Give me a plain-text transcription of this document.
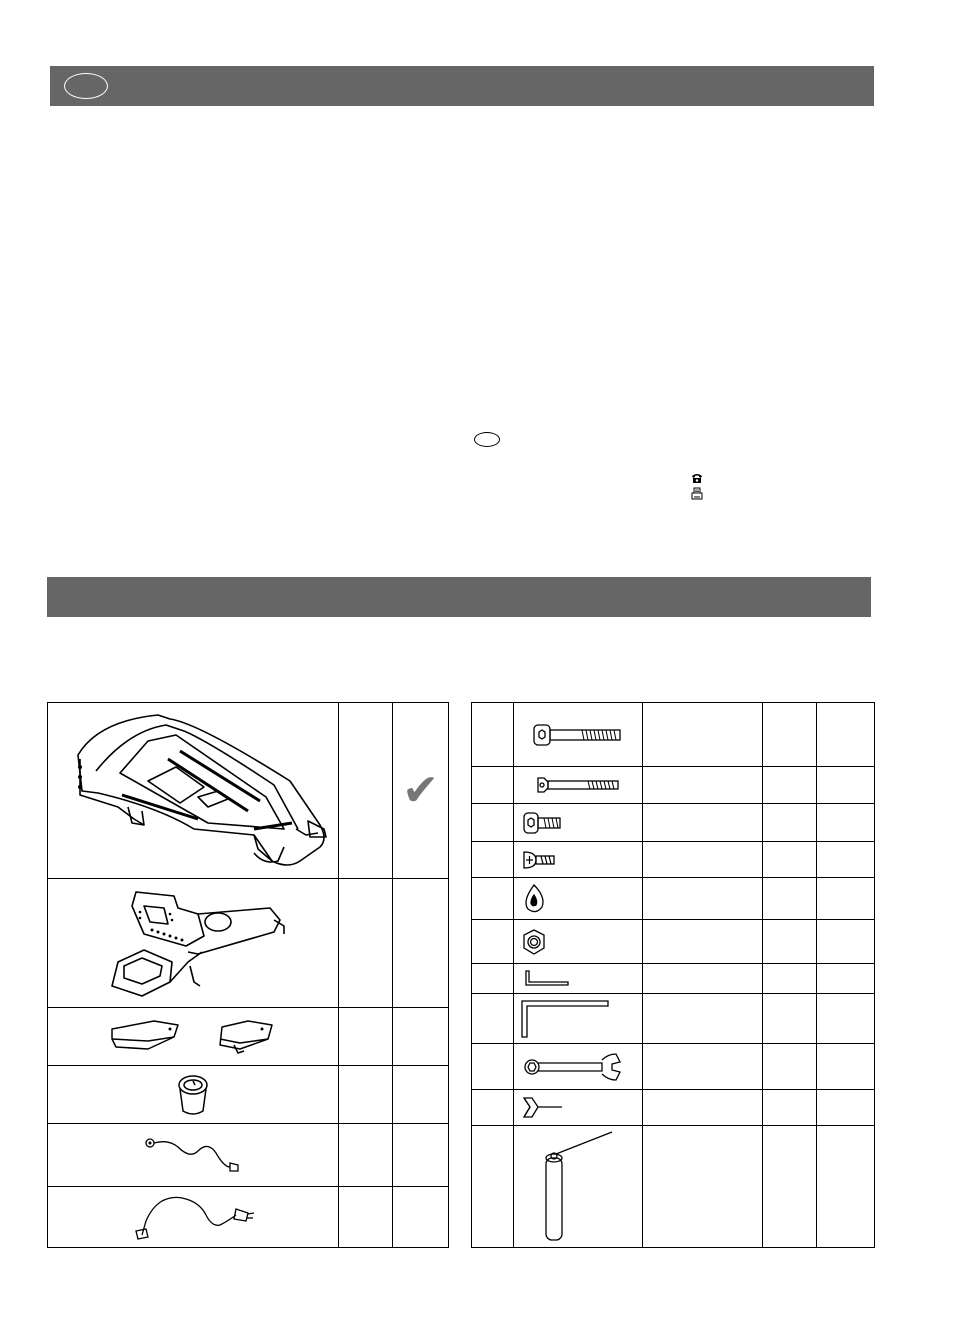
		✔
